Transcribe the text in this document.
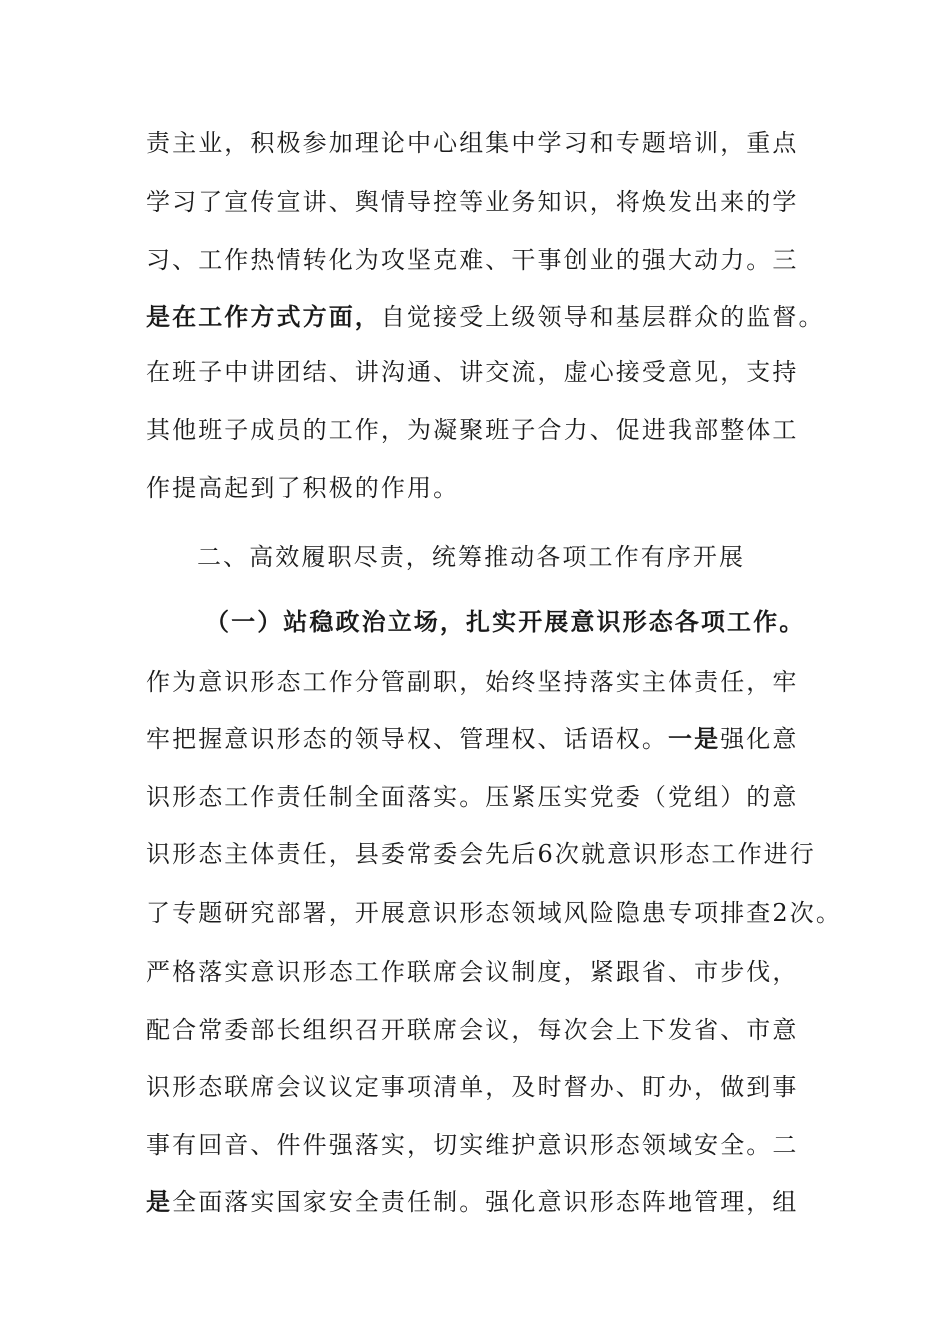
责主业，积极参加理论中心组集中学习和专题培训，重点
学习了宣传宣讲、舆情导控等业务知识，将焕发出来的学
习、工作热情转化为攻坚克难、干事创业的强大动力。三
是在工作方式方面，自觉接受上级领导和基层群众的监督。
在班子中讲团结、讲沟通、讲交流，虚心接受意见，支持
其他班子成员的工作，为凝聚班子合力、促进我部整体工
作提高起到了积极的作用。
二、高效履职尽责，统筹推动各项工作有序开展
（一）站稳政治立场，扎实开展意识形态各项工作。
作为意识形态工作分管副职，始终坚持落实主体责任，牢
牢把握意识形态的领导权、管理权、话语权。一是强化意
识形态工作责任制全面落实。压紧压实党委（党组）的意
识形态主体责任，县委常委会先后6次就意识形态工作进行
了专题研究部署，开展意识形态领域风险隐患专项排查2次。
严格落实意识形态工作联席会议制度，紧跟省、市步伐，
配合常委部长组织召开联席会议，每次会上下发省、市意
识形态联席会议议定事项清单，及时督办、盯办，做到事
事有回音、件件强落实，切实维护意识形态领域安全。二
是全面落实国家安全责任制。强化意识形态阵地管理，组
